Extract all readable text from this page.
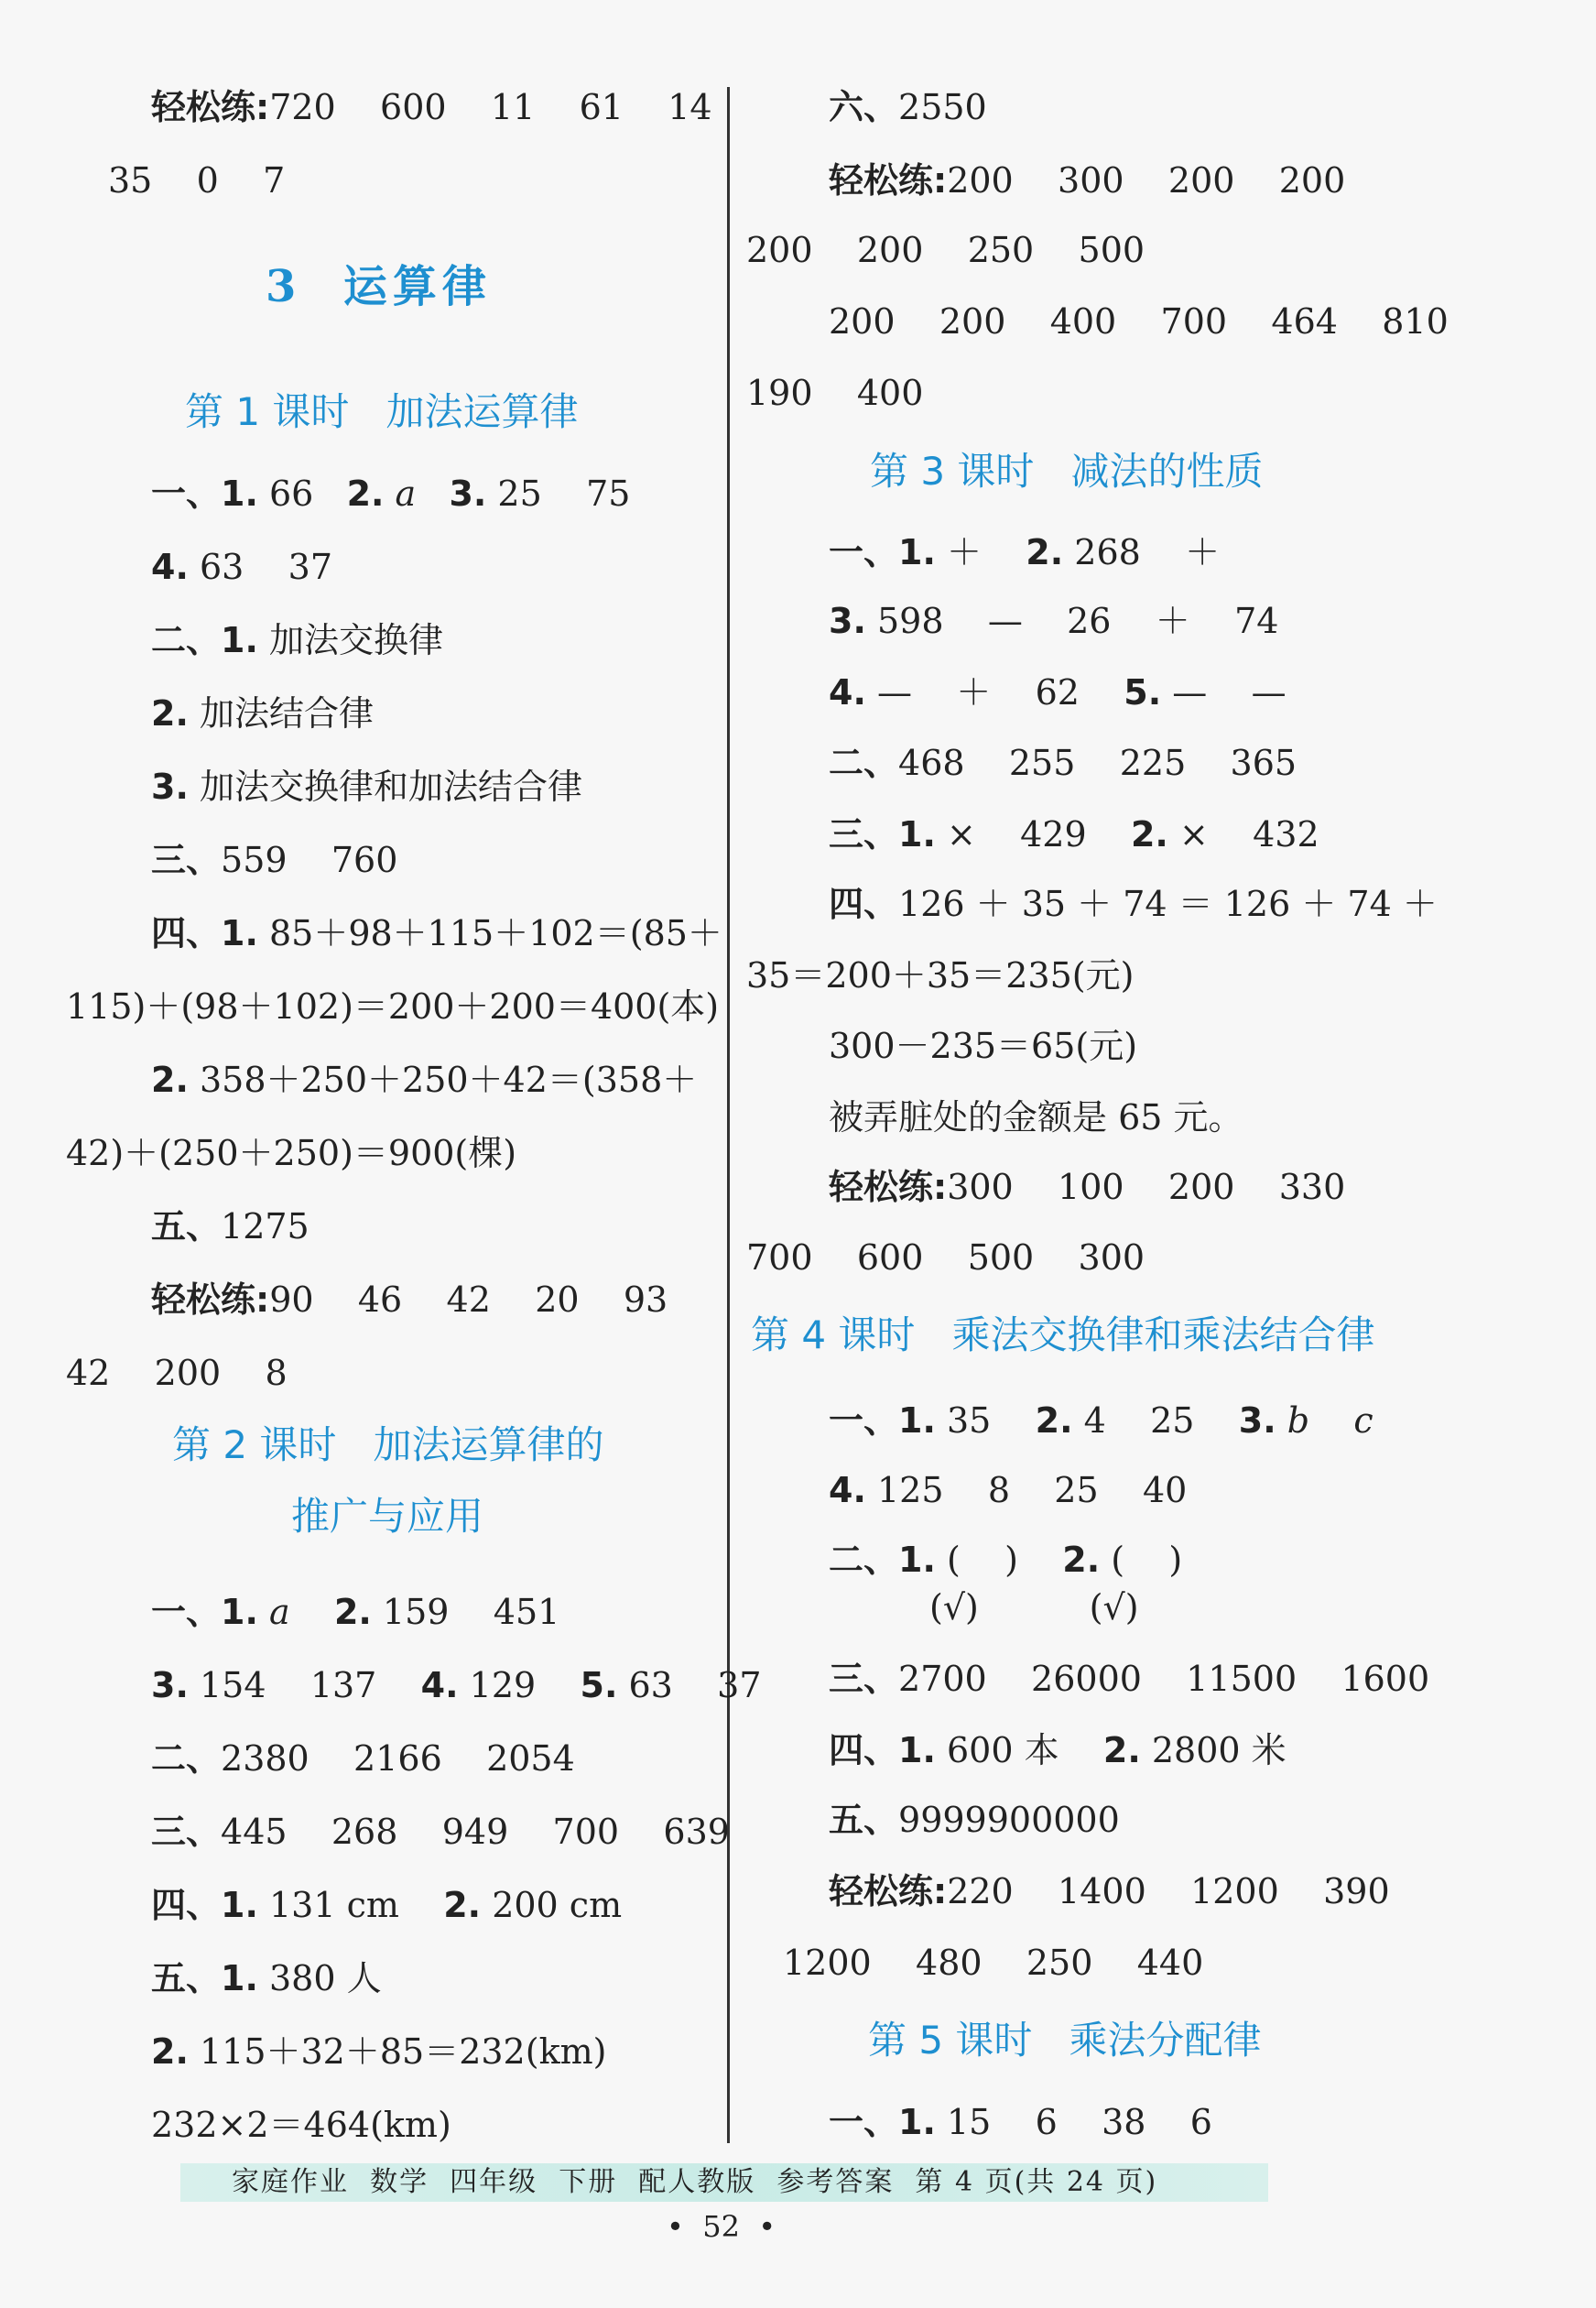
轻松练:720    600    11    61    14
35    0    7
3  运算律
第 1 课时   加法运算律
一、1. 66   2. a   3. 25    75
4. 63    37
二、1. 加法交换律
2. 加法结合律
3. 加法交换律和加法结合律
三、559    760
四、1. 85＋98＋115＋102＝(85＋
115)＋(98＋102)＝200＋200＝400(本)
2. 358＋250＋250＋42＝(358＋
42)＋(250＋250)＝900(棵)
五、1275
轻松练:90    46    42    20    93
42    200    8
第 2 课时   加法运算律的
推广与应用
一、1. a    2. 159    451
3. 154    137    4. 129    5. 63    37
二、2380    2166    2054
三、445    268    949    700    639
四、1. 131 cm    2. 200 cm
五、1. 380 人
2. 115＋32＋85＝232(km)
232×2＝464(km)
六、2550
轻松练:200    300    200    200
200    200    250    500
200    200    400    700    464    810
190    400
第 3 课时   减法的性质
一、1. ＋    2. 268    ＋
3. 598    —    26    ＋    74
4. —    ＋    62    5. —    —
二、468    255    225    365
三、1. ×    429    2. ×    432
四、126 ＋ 35 ＋ 74 ＝ 126 ＋ 74 ＋
35＝200＋35＝235(元)
300－235＝65(元)
被弄脏处的金额是 65 元。
轻松练:300    100    200    330
700    600    500    300
第 4 课时   乘法交换律和乘法结合律
一、1. 35    2. 4    25    3. b    c
4. 125    8    25    40
二、1. (    )    2. (    )
(√)          (√)
三、2700    26000    11500    1600
四、1. 600 本    2. 2800 米
五、9999900000
轻松练:220    1400    1200    390
1200    480    250    440
第 5 课时   乘法分配律
一、1. 15    6    38    6
家庭作业  数学  四年级  下册  配人教版  参考答案  第 4 页(共 24 页)
•  52  •
